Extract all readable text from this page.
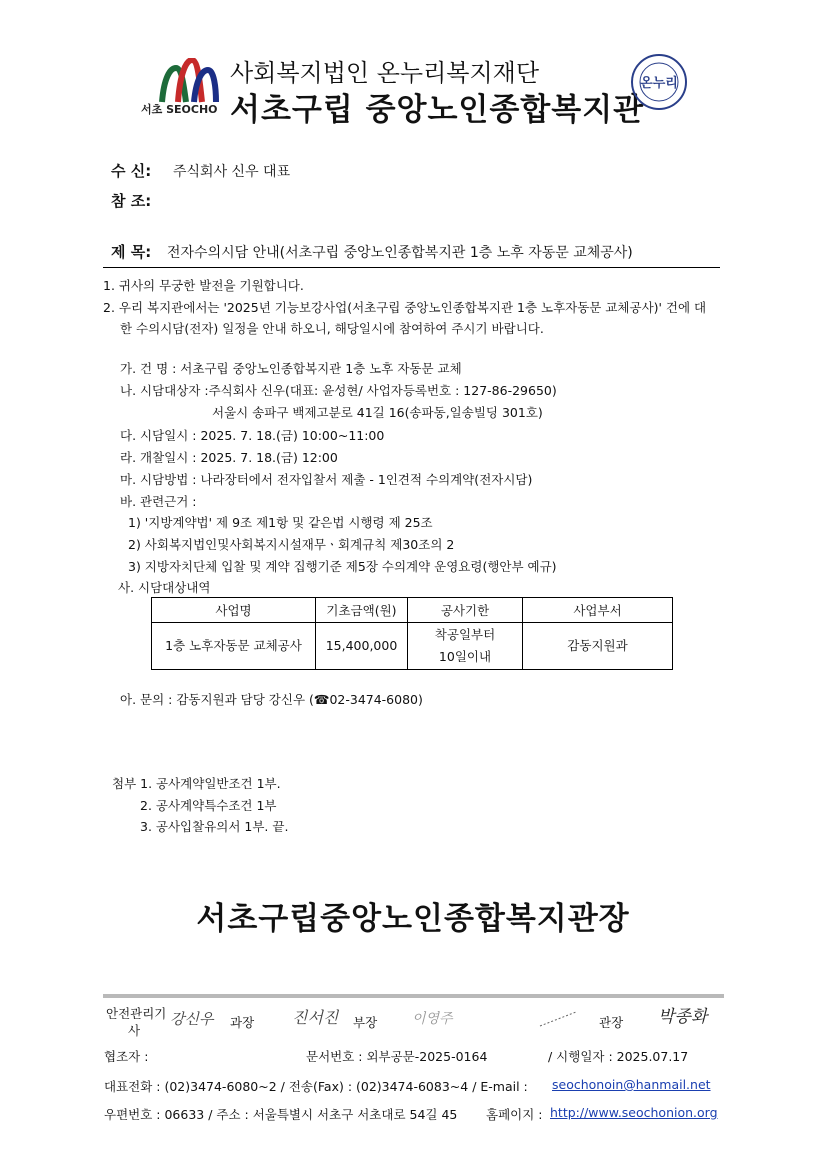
서초 SEOCHO
사회복지법인 온누리복지재단
서초구립 중앙노인종합복지관
온누리
수 신: 주식회사 신우 대표
참 조:
제 목: 전자수의시담 안내(서초구립 중앙노인종합복지관 1층 노후 자동문 교체공사)
1. 귀사의 무궁한 발전을 기원합니다.
2. 우리 복지관에서는 '2025년 기능보강사업(서초구립 중앙노인종합복지관 1층 노후자동문 교체공사)' 건에 대
한 수의시담(전자) 일정을 안내 하오니, 해당일시에 참여하여 주시기 바랍니다.
가. 건 명 : 서초구립 중앙노인종합복지관 1층 노후 자동문 교체
나. 시담대상자 :주식회사 신우(대표: 윤성현/ 사업자등록번호 : 127-86-29650)
서울시 송파구 백제고분로 41길 16(송파동,일송빌딩 301호)
다. 시담일시 : 2025. 7. 18.(금) 10:00~11:00
라. 개찰일시 : 2025. 7. 18.(금) 12:00
마. 시담방법 : 나라장터에서 전자입찰서 제출 - 1인견적 수의계약(전자시담)
바. 관련근거 :
1) '지방계약법' 제 9조 제1항 및 같은법 시행령 제 25조
2) 사회복지법인및사회복지시설재무ㆍ회계규칙 제30조의 2
3) 지방자치단체 입찰 및 계약 집행기준 제5장 수의계약 운영요령(행안부 예규)
사. 시담대상내역
사업명	기초금액(원)	공사기한	사업부서
1층 노후자동문 교체공사	15,400,000	착공일부터
10일이내	감동지원과
아. 문의 : 감동지원과 담당 강신우 (☎02-3474-6080)
첨부 1. 공사계약일반조건 1부.
2. 공사계약특수조건 1부
3. 공사입찰유의서 1부. 끝.
서초구립중앙노인종합복지관장
안전관리기
사
강신우 과장 진서진 부장 이영주	관장 박종화
협조자 :	문서번호 : 외부공문-2025-0164	/ 시행일자 : 2025.07.17
대표전화 : (02)3474-6080~2 / 전송(Fax) : (02)3474-6083~4 / E-mail : seochonoin@hanmail.net
우편번호 : 06633 / 주소 : 서울특별시 서초구 서초대로 54길 45 홈페이지 : http://www.seochonion.org
